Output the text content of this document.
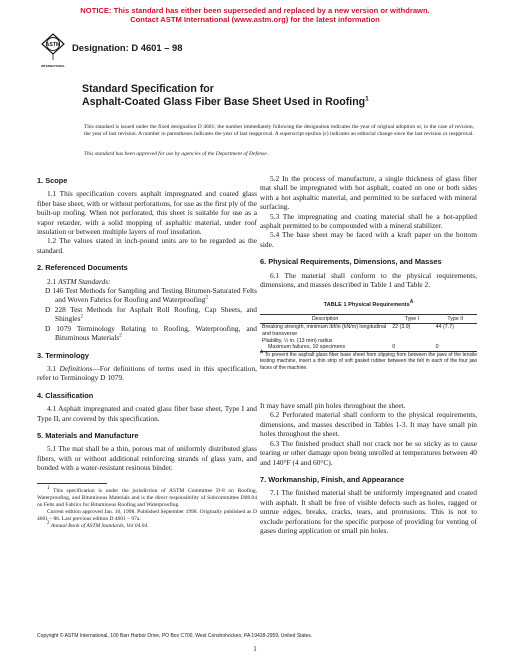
NOTICE: This standard has either been superseded and replaced by a new version or withdrawn.
Contact ASTM International (www.astm.org) for the latest information
ASTM
INTERNATIONAL
Designation: D 4601 – 98
Standard Specification for
Asphalt-Coated Glass Fiber Base Sheet Used in Roofing$^1$
This standard is issued under the fixed designation D 4601; the number immediately following the designation indicates the year of original adoption or, in the case of revision, the year of last revision. A number in parentheses indicates the year of last reapproval. A superscript epsilon (ε) indicates an editorial change since the last revision or reapproval.
This standard has been approved for use by agencies of the Department of Defense.
1. Scope

1.1 This specification covers asphalt impregnated and coated glass fiber base sheet, with or without perforations, for use as the first ply of the built-up roofing. When not perforated, this sheet is suitable for use as a vapor retarder, with a solid mopping of asphaltic material, under roof insulation or between multiple layers of roof insulation.

1.2 The values stated in inch-pound units are to be regarded as the standard.

2. Referenced Documents

2.1 ASTM Standards:

D 146 Test Methods for Sampling and Testing Bitumen-Saturated Felts and Woven Fabrics for Roofing and Waterproofing$^2$

D 228 Test Methods for Asphalt Roll Roofing, Cap Sheets, and Shingles$^2$

D 1079 Terminology Relating to Roofing, Waterproofing, and Bituminous Materials$^2$

3. Terminology

3.1 Definitions—For definitions of terms used in this specification, refer to Terminology D 1079.

4. Classification

4.1 Asphalt impregnated and coated glass fiber base sheet, Type I and Type II, are covered by this specification.

5. Materials and Manufacture

5.1 The mat shall be a thin, porous mat of uniformly distributed glass fibers, with or without additional reinforcing strands of glass yarn, and bonded with a water-resistant resinous binder.

$^1$ This specification is under the jurisdiction of ASTM Committee D-8 on Roofing, Waterproofing, and Bituminous Materials and is the direct responsibility of Subcommittee D08.04 on Felts and Fabrics for Bituminous Roofing and Waterproofing.

Current edition approved Jan. 10, 1998. Published September 1998. Originally published as D 4601 – 86. Last previous edition D 4601 – 97a.

$^2$ Annual Book of ASTM Standards, Vol 04.04.

5.2 In the process of manufacture, a single thickness of glass fiber mat shall be impregnated with hot asphalt, coated on one or both sides with a hot asphaltic material, and permitted to be surfaced with mineral surfacing.

5.3 The impregnating and coating material shall be a hot-applied asphalt permitted to be compounded with a mineral stabilizer.

5.4 The base sheet may be faced with a kraft paper on the bottom side.

6. Physical Requirements, Dimensions, and Masses

6.1 The material shall conform to the physical requirements, dimensions, and masses described in Table 1 and Table 2.

TABLE 1 Physical Requirements$^A$
Description	Type I	Type II
Breaking strength, minimum lbf/in (kN/m) longitudinal and transverse	22 (3.9)	44 (7.7)
Pliability, ½ in. (13 mm) radius		
Maximum failures, 10 specimens	0	0

$^A$ To prevent the asphalt glass fiber base sheet from slipping from between the jaws of the tensile testing machine, insert a thin strip of soft gasket rubber between the felt in each of the four jaw faces of the machine.

It may have small pin holes throughout the sheet.

6.2 Perforated material shall conform to the physical requirements, dimensions, and masses described in Tables 1-3. It may have small pin holes throughout the sheet.

6.3 The finished product shall not crack nor be so sticky as to cause tearing or other damage upon being unrolled at temperatures between 40 and 140°F (4 and 60°C).

7. Workmanship, Finish, and Appearance

7.1 The finished material shall be uniformly impregnated and coated with asphalt. It shall be free of visible defects such as holes, ragged or untrue edges, breaks, cracks, tears, and protrusions. This is not to exclude perforations for the specific purpose of providing for venting of gases during application or small pin holes.

Copyright © ASTM International, 100 Barr Harbor Drive, PO Box C700, West Conshohocken, PA 19428-2959, United States.
1
